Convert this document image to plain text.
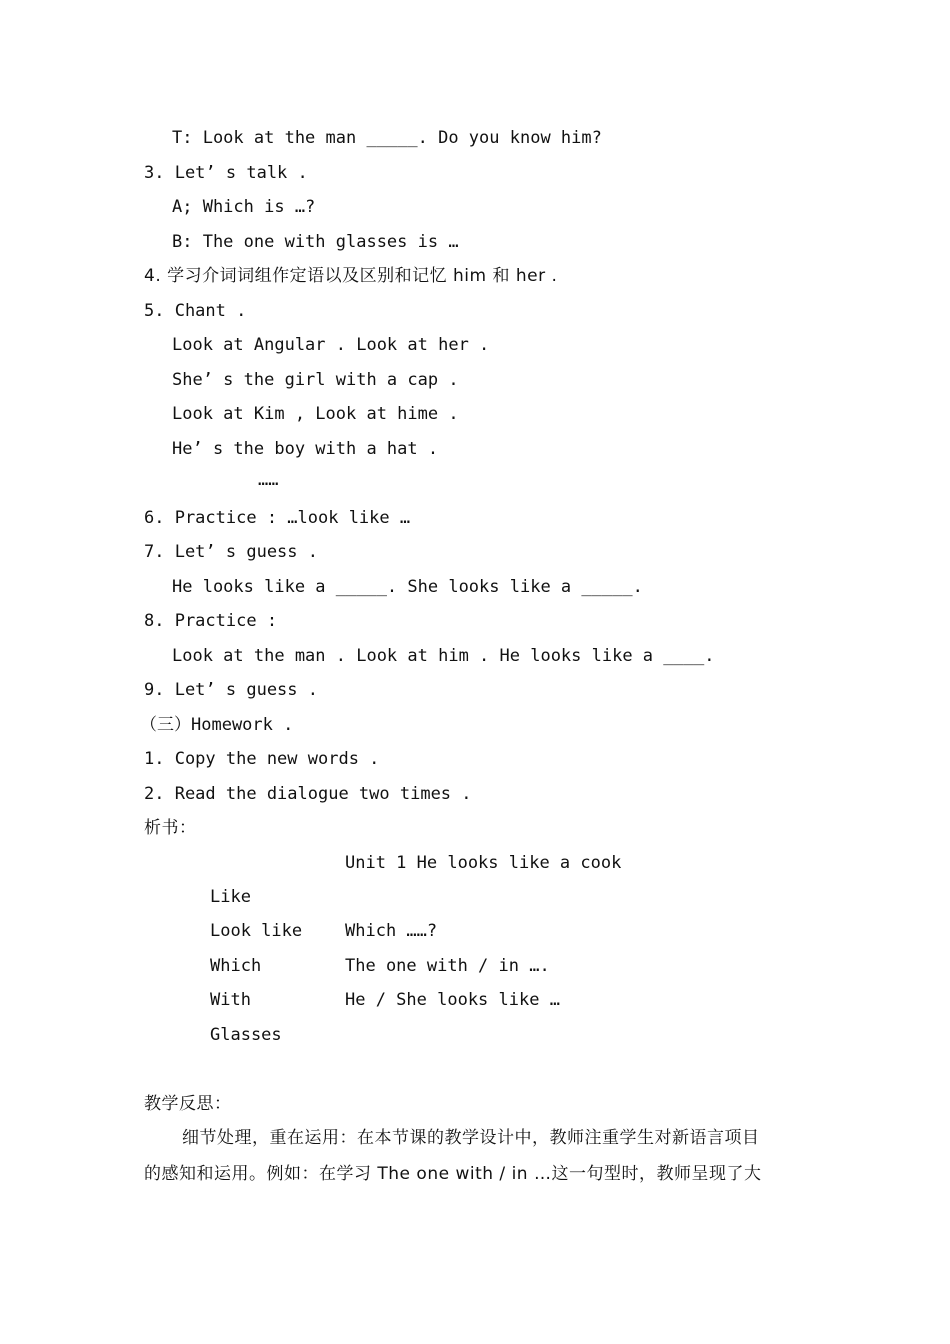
T: Look at the man _____. Do you know him?
3. Let’ s talk .
A; Which is …?
B: The one with glasses is …
4. 学习介词词组作定语以及区别和记忆 him 和 her .
5. Chant .
Look at Angular . Look at her .
She’ s the girl with a cap .
Look at Kim , Look at hime .
He’ s the boy with a hat .
……
6. Practice : …look like …
7. Let’ s guess .
He looks like a _____. She looks like a _____.
8. Practice :
Look at the man . Look at him . He looks like a ____.
9. Let’ s guess .
（三）Homework .
1. Copy the new words .
2. Read the dialogue two times .
析书：
Unit 1 He looks like a cook
Like
Look like
Which
With
Glasses
Which ……?
The one with / in ….
He / She looks like …
教学反思：
细节处理，重在运用：在本节课的教学设计中，教师注重学生对新语言项目
的感知和运用。例如：在学习 The one with / in …这一句型时，教师呈现了大
